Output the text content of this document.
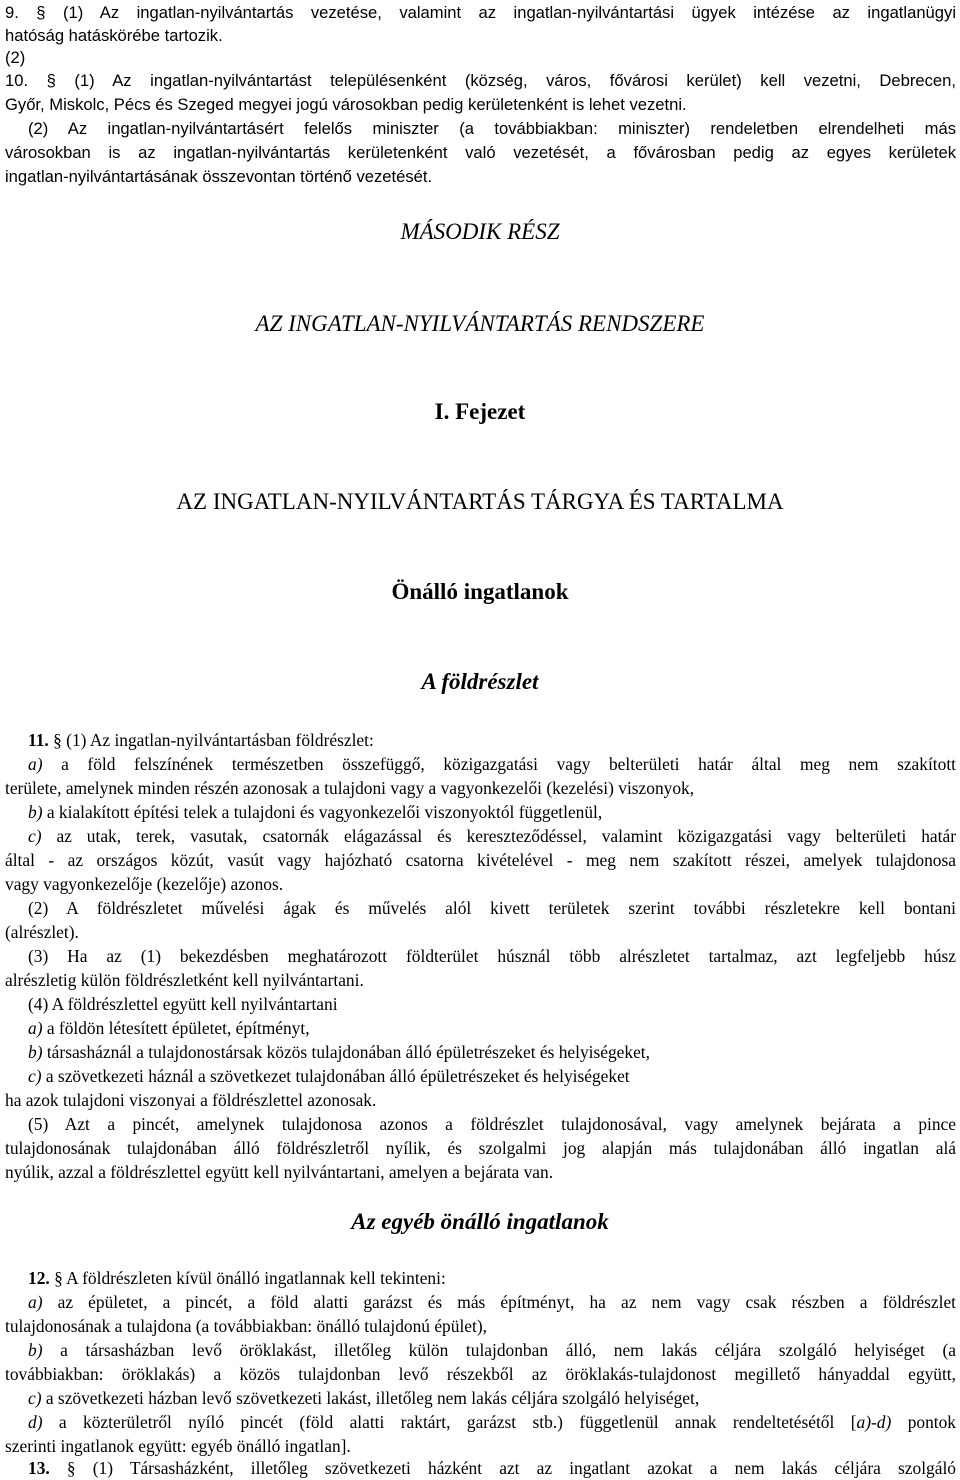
9. § (1) Az ingatlan-nyilvántartás vezetése, valamint az ingatlan-nyilvántartási ügyek intézése az ingatlanügyi
hatóság hatáskörébe tartozik.
(2)
10. § (1) Az ingatlan-nyilvántartást településenként (község, város, fővárosi kerület) kell vezetni, Debrecen,
Győr, Miskolc, Pécs és Szeged megyei jogú városokban pedig kerületenként is lehet vezetni.
(2) Az ingatlan-nyilvántartásért felelős miniszter (a továbbiakban: miniszter) rendeletben elrendelheti más
városokban is az ingatlan-nyilvántartás kerületenként való vezetését, a fővárosban pedig az egyes kerületek
ingatlan-nyilvántartásának összevontan történő vezetését.
MÁSODIK RÉSZ
AZ INGATLAN-NYILVÁNTARTÁS RENDSZERE
I. Fejezet
AZ INGATLAN-NYILVÁNTARTÁS TÁRGYA ÉS TARTALMA
Önálló ingatlanok
A földrészlet
11. § (1) Az ingatlan-nyilvántartásban földrészlet:
a) a föld felszínének természetben összefüggő, közigazgatási vagy belterületi határ által meg nem szakított
területe, amelynek minden részén azonosak a tulajdoni vagy a vagyonkezelői (kezelési) viszonyok,
b) a kialakított építési telek a tulajdoni és vagyonkezelői viszonyoktól függetlenül,
c) az utak, terek, vasutak, csatornák elágazással és kereszteződéssel, valamint közigazgatási vagy belterületi határ
által - az országos közút, vasút vagy hajózható csatorna kivételével - meg nem szakított részei, amelyek tulajdonosa
vagy vagyonkezelője (kezelője) azonos.
(2) A földrészletet művelési ágak és művelés alól kivett területek szerint további részletekre kell bontani
(alrészlet).
(3) Ha az (1) bekezdésben meghatározott földterület húsznál több alrészletet tartalmaz, azt legfeljebb húsz
alrészletig külön földrészletként kell nyilvántartani.
(4) A földrészlettel együtt kell nyilvántartani
a) a földön létesített épületet, építményt,
b) társasháznál a tulajdonostársak közös tulajdonában álló épületrészeket és helyiségeket,
c) a szövetkezeti háznál a szövetkezet tulajdonában álló épületrészeket és helyiségeket
ha azok tulajdoni viszonyai a földrészlettel azonosak.
(5) Azt a pincét, amelynek tulajdonosa azonos a földrészlet tulajdonosával, vagy amelynek bejárata a pince
tulajdonosának tulajdonában álló földrészletről nyílik, és szolgalmi jog alapján más tulajdonában álló ingatlan alá
nyúlik, azzal a földrészlettel együtt kell nyilvántartani, amelyen a bejárata van.
Az egyéb önálló ingatlanok
12. § A földrészleten kívül önálló ingatlannak kell tekinteni:
a) az épületet, a pincét, a föld alatti garázst és más építményt, ha az nem vagy csak részben a földrészlet
tulajdonosának a tulajdona (a továbbiakban: önálló tulajdonú épület),
b) a társasházban levő öröklakást, illetőleg külön tulajdonban álló, nem lakás céljára szolgáló helyiséget (a
továbbiakban: öröklakás) a közös tulajdonban levő részekből az öröklakás-tulajdonost megillető hányaddal együtt,
c) a szövetkezeti házban levő szövetkezeti lakást, illetőleg nem lakás céljára szolgáló helyiséget,
d) a közterületről nyíló pincét (föld alatti raktárt, garázst stb.) függetlenül annak rendeltetésétől [a)-d) pontok
szerinti ingatlanok együtt: egyéb önálló ingatlan].
13. § (1) Társasházként, illetőleg szövetkezeti házként azt az ingatlant azokat a nem lakás céljára szolgáló
